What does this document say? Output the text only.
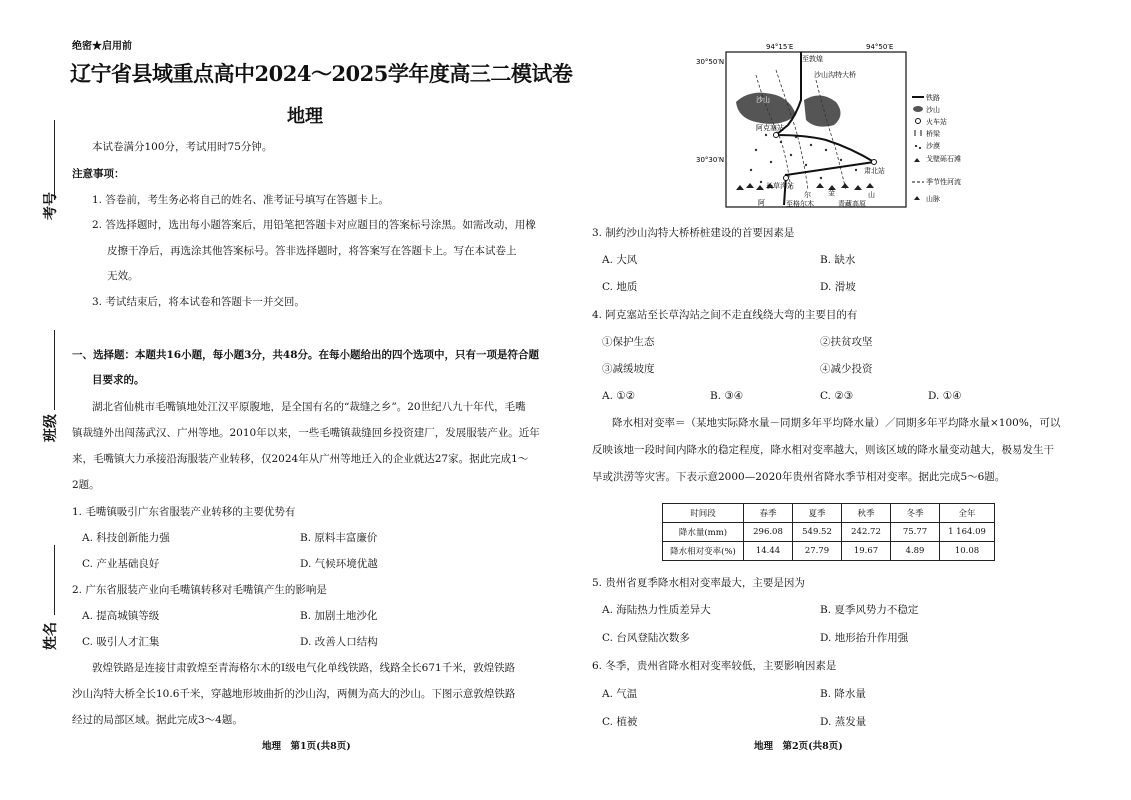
考号
班级
姓名
绝密★启用前
辽宁省县域重点高中2024～2025学年度高三二模试卷
地理
本试卷满分100分，考试用时75分钟。
注意事项：
1. 答卷前，考生务必将自己的姓名、准考证号填写在答题卡上。
2. 答选择题时，选出每小题答案后，用铅笔把答题卡对应题目的答案标号涂黑。如需改动，用橡
皮擦干净后，再选涂其他答案标号。答非选择题时，将答案写在答题卡上。写在本试卷上
无效。
3. 考试结束后，将本试卷和答题卡一并交回。
一、选择题：本题共16小题，每小题3分，共48分。在每小题给出的四个选项中，只有一项是符合题
目要求的。
湖北省仙桃市毛嘴镇地处江汉平原腹地，是全国有名的“裁缝之乡”。20世纪八九十年代，毛嘴
镇裁缝外出闯荡武汉、广州等地。2010年以来，一些毛嘴镇裁缝回乡投资建厂，发展服装产业。近年
来，毛嘴镇大力承接沿海服装产业转移，仅2024年从广州等地迁入的企业就达27家。据此完成1～
2题。
1. 毛嘴镇吸引广东省服装产业转移的主要优势有
A. 科技创新能力强	B. 原料丰富廉价
C. 产业基础良好	D. 气候环境优越
2. 广东省服装产业向毛嘴镇转移对毛嘴镇产生的影响是
A. 提高城镇等级	B. 加剧土地沙化
C. 吸引人才汇集	D. 改善人口结构
敦煌铁路是连接甘肃敦煌至青海格尔木的Ⅰ级电气化单线铁路，线路全长671千米，敦煌铁路
沙山沟特大桥全长10.6千米，穿越地形坡曲折的沙山沟，两侧为高大的沙山。下图示意敦煌铁路
经过的局部区域。据此完成3～4题。
地理　第1页(共8页)
94°15′E	94°50′E
30°50′N
30°30′N
至敦煌
沙山沟特大桥
阿克塞站
肃北站
长草沟站
至格尔木	青藏高原
沙山
阿
尔 金	山
铁路
沙山
火车站
桥梁
沙漠
戈壁砾石滩
季节性河流
山脉
3. 制约沙山沟特大桥桥桩建设的首要因素是
A. 大风	B. 缺水
C. 地质	D. 滑坡
4. 阿克塞站至长草沟站之间不走直线绕大弯的主要目的有
①保护生态	②扶贫攻坚
③减缓坡度	④减少投资
A. ①②	B. ③④	C. ②③	D. ①④
降水相对变率＝（某地实际降水量－同期多年平均降水量）／同期多年平均降水量×100%，可以
反映该地一段时间内降水的稳定程度，降水相对变率越大，则该区域的降水量变动越大，极易发生干
旱或洪涝等灾害。下表示意2000—2020年贵州省降水季节相对变率。据此完成5～6题。
时间段	春季	夏季	秋季	冬季	全年
降水量(mm)	296.08	549.52	242.72	75.77	1 164.09
降水相对变率(%)	14.44	27.79	19.67	4.89	10.08
5. 贵州省夏季降水相对变率最大，主要是因为
A. 海陆热力性质差异大	B. 夏季风势力不稳定
C. 台风登陆次数多	D. 地形抬升作用强
6. 冬季，贵州省降水相对变率较低，主要影响因素是
A. 气温	B. 降水量
C. 植被	D. 蒸发量
地理　第2页(共8页)
